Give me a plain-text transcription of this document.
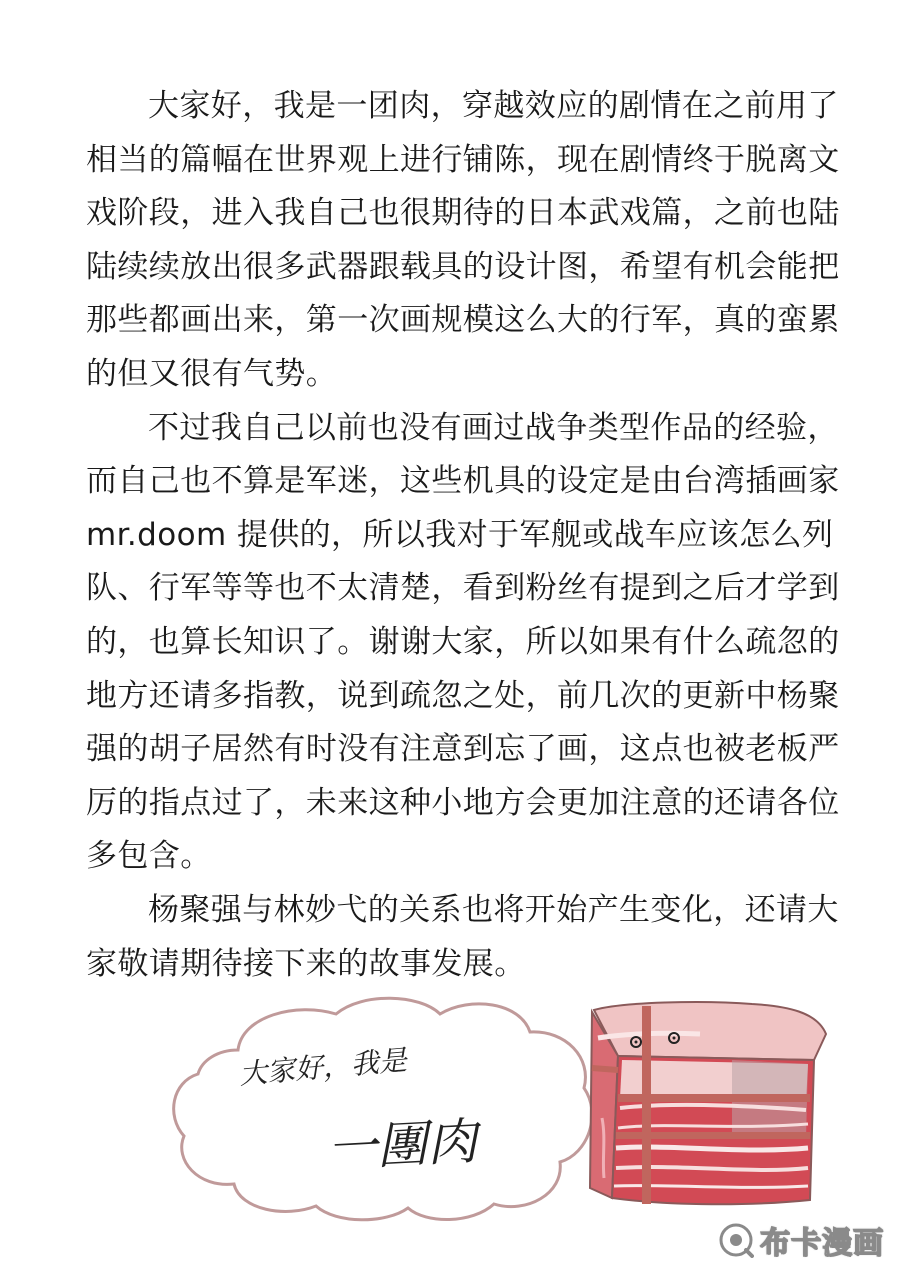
大家好，我是一团肉，穿越效应的剧情在之前用了
相当的篇幅在世界观上进行铺陈，现在剧情终于脱离文
戏阶段，进入我自己也很期待的日本武戏篇，之前也陆
陆续续放出很多武器跟载具的设计图，希望有机会能把
那些都画出来，第一次画规模这么大的行军，真的蛮累
的但又很有气势。

不过我自己以前也没有画过战争类型作品的经验，
而自己也不算是军迷，这些机具的设定是由台湾插画家
mr.doom 提供的，所以我对于军舰或战车应该怎么列
队、行军等等也不太清楚，看到粉丝有提到之后才学到
的，也算长知识了。谢谢大家，所以如果有什么疏忽的
地方还请多指教，说到疏忽之处，前几次的更新中杨聚
强的胡子居然有时没有注意到忘了画，这点也被老板严
厉的指点过了，未来这种小地方会更加注意的还请各位
多包含。

杨聚强与林妙弋的关系也将开始产生变化，还请大
家敬请期待接下来的故事发展。

大家好，我是
一團肉
布卡漫画
